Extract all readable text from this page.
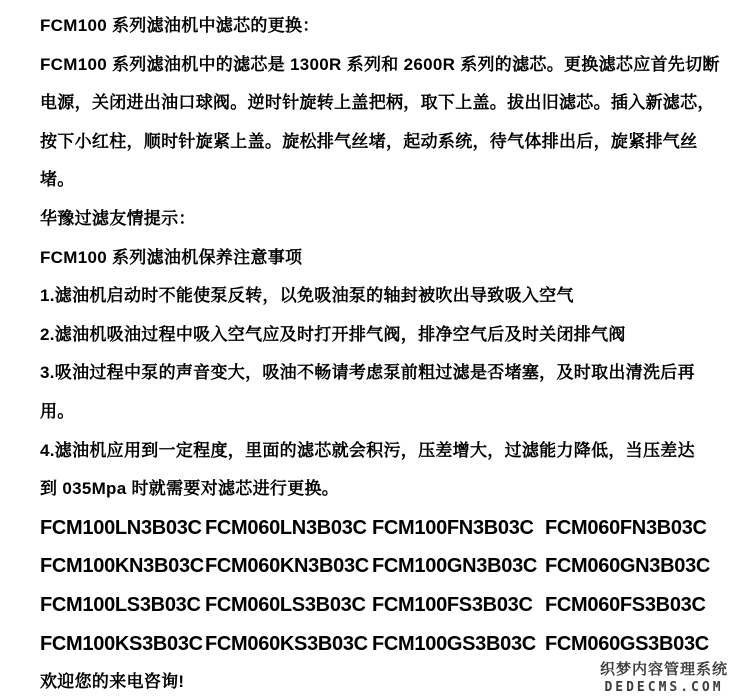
FCM100 系列滤油机中滤芯的更换：
FCM100 系列滤油机中的滤芯是 1300R 系列和 2600R 系列的滤芯。更换滤芯应首先切断
电源，关闭进出油口球阀。逆时针旋转上盖把柄，取下上盖。拔出旧滤芯。插入新滤芯，
按下小红柱，顺时针旋紧上盖。旋松排气丝堵，起动系统，待气体排出后，旋紧排气丝
堵。
华豫过滤友情提示：
FCM100 系列滤油机保养注意事项
1.滤油机启动时不能使泵反转，以免吸油泵的轴封被吹出导致吸入空气
2.滤油机吸油过程中吸入空气应及时打开排气阀，排净空气后及时关闭排气阀
3.吸油过程中泵的声音变大，吸油不畅请考虑泵前粗过滤是否堵塞，及时取出清洗后再
用。
4.滤油机应用到一定程度，里面的滤芯就会积污，压差增大，过滤能力降低，当压差达
到 035Mpa 时就需要对滤芯进行更换。
FCM100LN3B03C FCM060LN3B03C FCM100FN3B03C FCM060FN3B03C
FCM100KN3B03C FCM060KN3B03C FCM100GN3B03C FCM060GN3B03C
FCM100LS3B03C FCM060LS3B03C FCM100FS3B03C FCM060FS3B03C
FCM100KS3B03C FCM060KS3B03C FCM100GS3B03C FCM060GS3B03C
欢迎您的来电咨询!
织梦内容管理系统
DEDECMS.COM
